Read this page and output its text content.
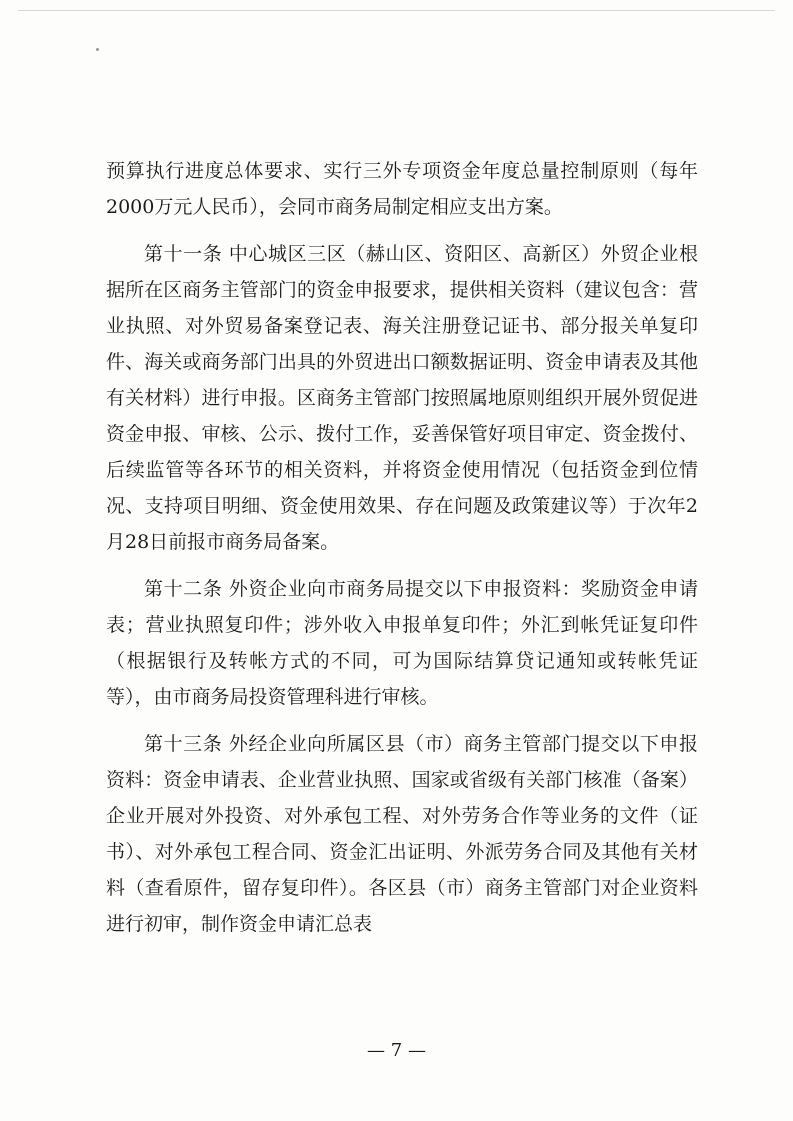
预算执行进度总体要求、实行三外专项资金年度总量控制原则（每年2000万元人民币），会同市商务局制定相应支出方案。

第十一条 中心城区三区（赫山区、资阳区、高新区）外贸企业根据所在区商务主管部门的资金申报要求，提供相关资料（建议包含：营业执照、对外贸易备案登记表、海关注册登记证书、部分报关单复印件、海关或商务部门出具的外贸进出口额数据证明、资金申请表及其他有关材料）进行申报。区商务主管部门按照属地原则组织开展外贸促进资金申报、审核、公示、拨付工作，妥善保管好项目审定、资金拨付、后续监管等各环节的相关资料，并将资金使用情况（包括资金到位情况、支持项目明细、资金使用效果、存在问题及政策建议等）于次年2月28日前报市商务局备案。

第十二条 外资企业向市商务局提交以下申报资料：奖励资金申请表；营业执照复印件；涉外收入申报单复印件；外汇到帐凭证复印件（根据银行及转帐方式的不同，可为国际结算贷记通知或转帐凭证等），由市商务局投资管理科进行审核。

第十三条 外经企业向所属区县（市）商务主管部门提交以下申报资料：资金申请表、企业营业执照、国家或省级有关部门核准（备案）企业开展对外投资、对外承包工程、对外劳务合作等业务的文件（证书）、对外承包工程合同、资金汇出证明、外派劳务合同及其他有关材料（查看原件，留存复印件）。各区县（市）商务主管部门对企业资料进行初审，制作资金申请汇总表

— 7 —
